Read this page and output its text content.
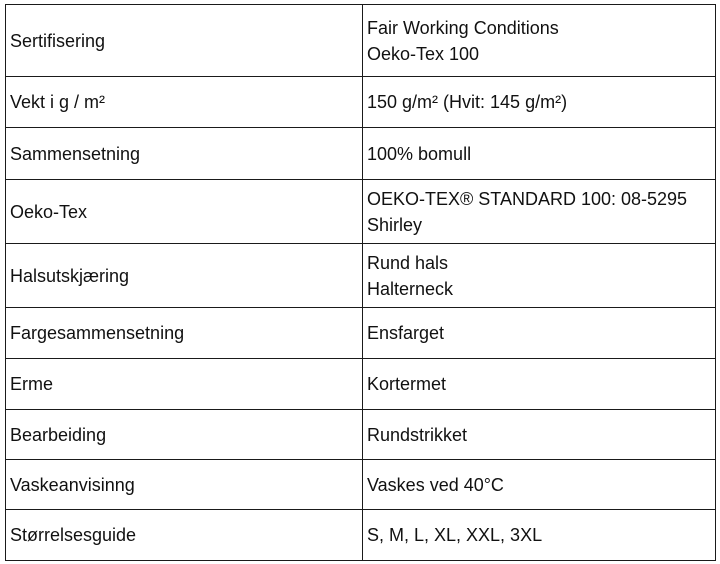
Sertifisering	Fair Working Conditions
Oeko-Tex 100

Vekt i g / m²	150 g/m² (Hvit: 145 g/m²)

Sammensetning	100% bomull

Oeko-Tex	OEKO-TEX® STANDARD 100: 08-5295
Shirley

Halsutskjæring	Rund hals
Halterneck

Fargesammensetning	Ensfarget

Erme	Kortermet

Bearbeiding	Rundstrikket

Vaskeanvisinng	Vaskes ved 40°C

Størrelsesguide	S, M, L, XL, XXL, 3XL
